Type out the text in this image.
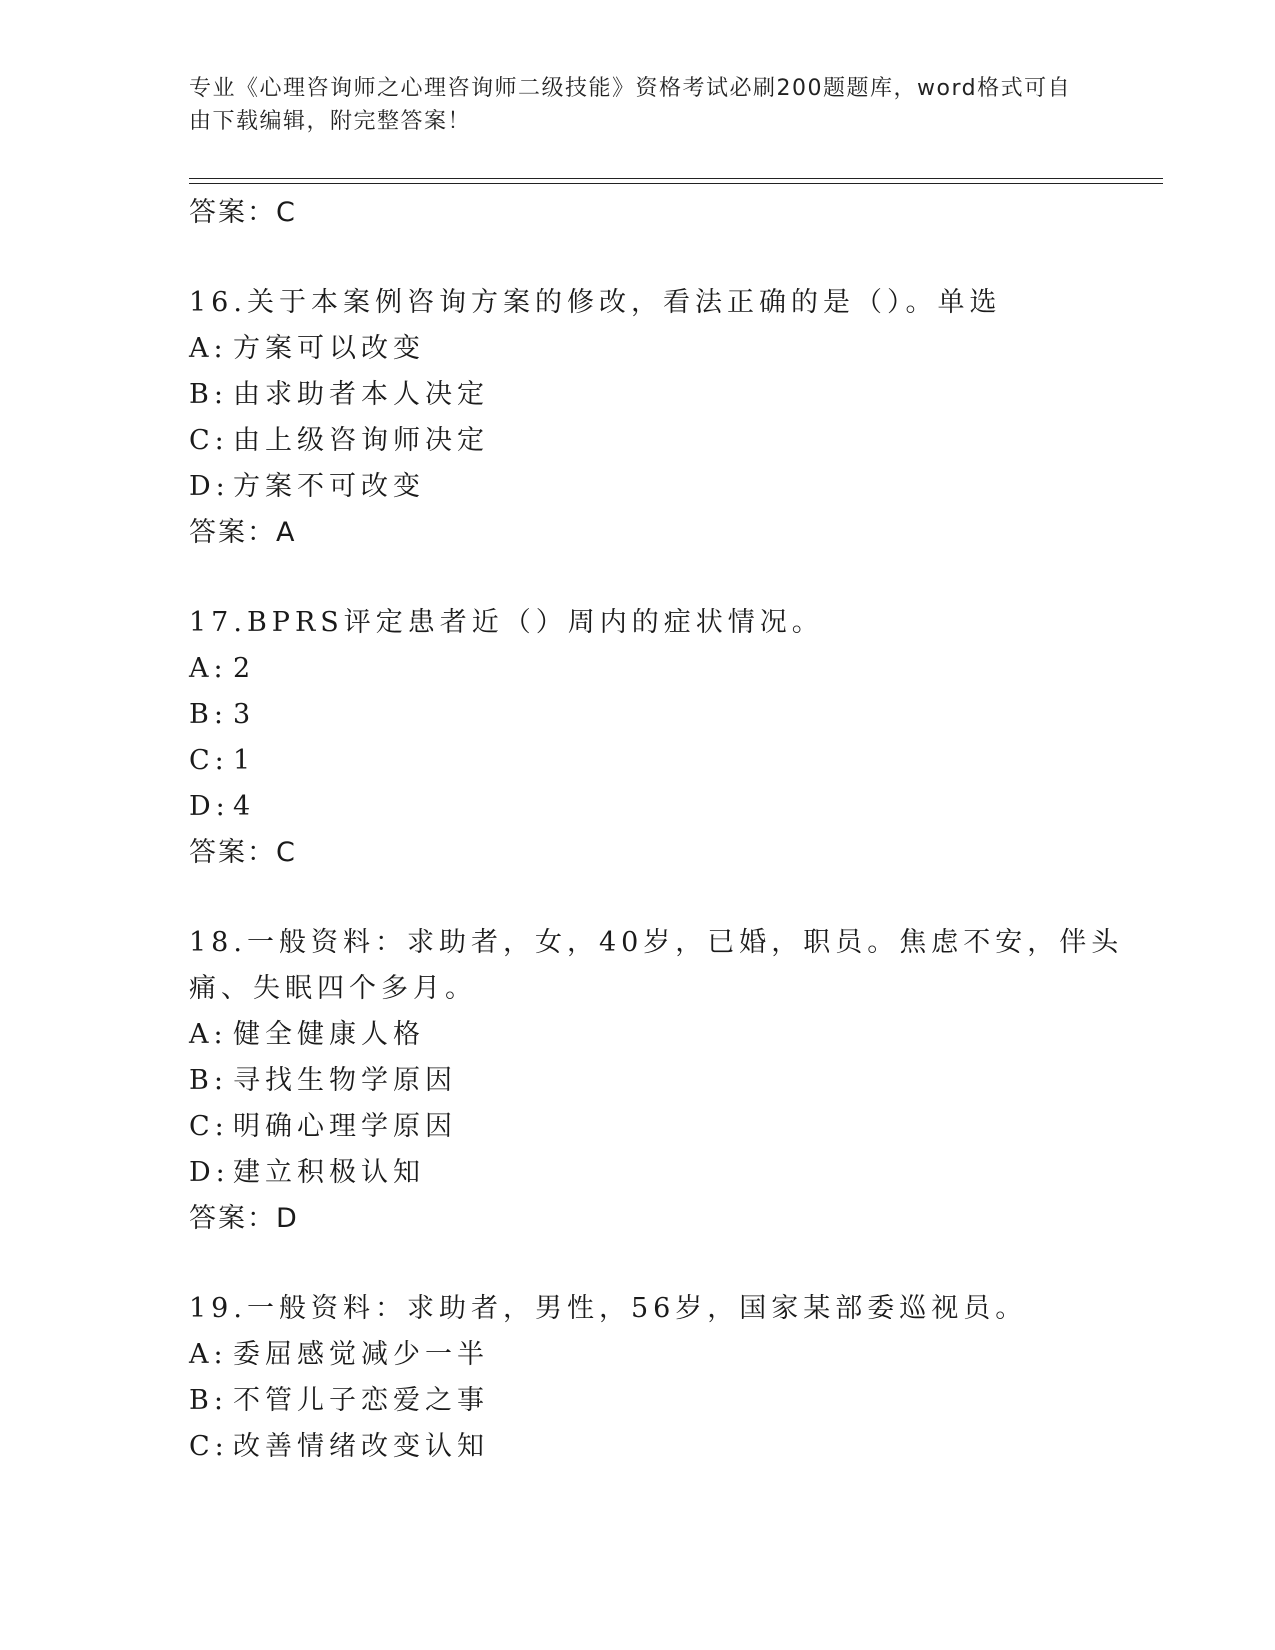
专业《心理咨询师之心理咨询师二级技能》资格考试必刷200题题库，word格式可自由下载编辑，附完整答案！
答案：C
16.关于本案例咨询方案的修改，看法正确的是（）。单选
A: 方案可以改变
B: 由求助者本人决定
C: 由上级咨询师决定
D: 方案不可改变
答案：A
17.BPRS评定患者近（）周内的症状情况。
A: 2
B: 3
C: 1
D: 4
答案：C
18.一般资料：求助者，女，40岁，已婚，职员。焦虑不安，伴头痛、失眠四个多月。
A: 健全健康人格
B: 寻找生物学原因
C: 明确心理学原因
D: 建立积极认知
答案：D
19.一般资料：求助者，男性，56岁，国家某部委巡视员。
A: 委屈感觉减少一半
B: 不管儿子恋爱之事
C: 改善情绪改变认知
